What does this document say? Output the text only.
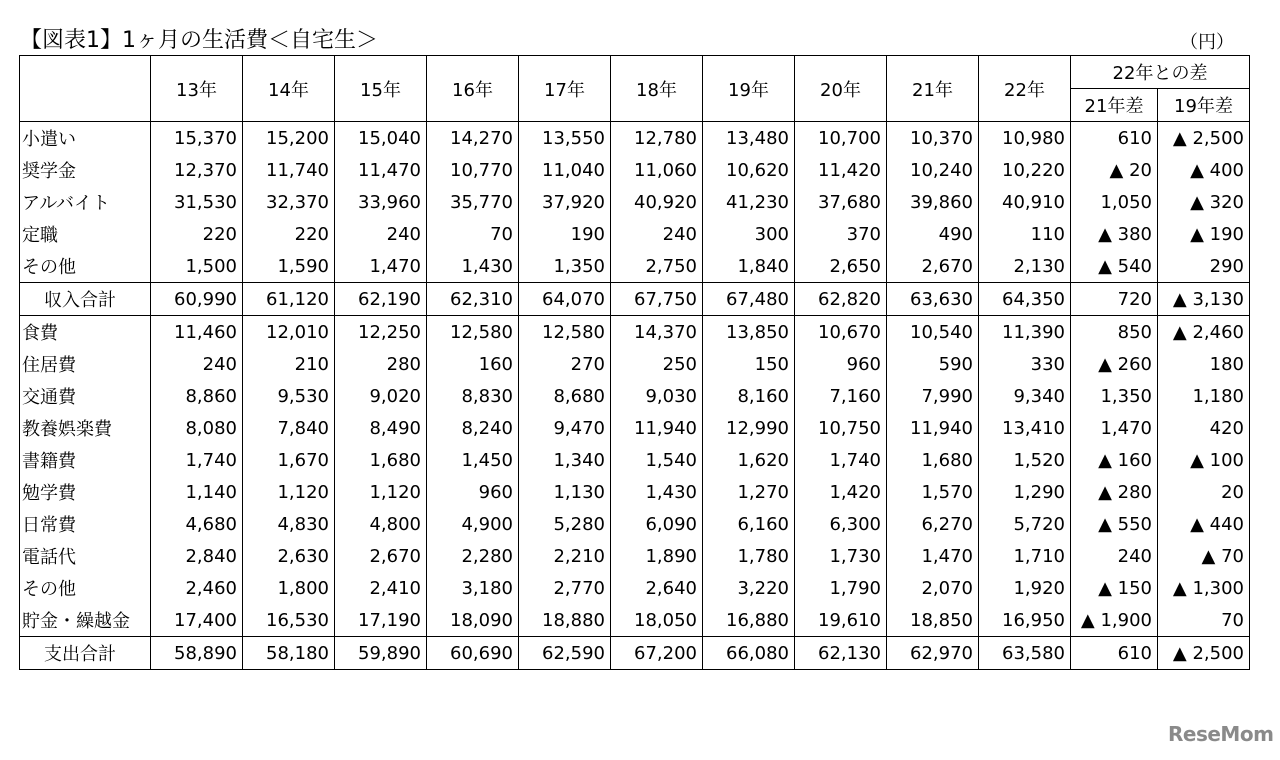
【図表1】1ヶ月の生活費＜自宅生＞	（円）
	13年	14年	15年	16年	17年	18年	19年	20年	21年	22年	22年との差	
											21年差	19年差
小遣い	15,370	15,200	15,040	14,270	13,550	12,780	13,480	10,700	10,370	10,980	610	▲ 2,500
奨学金	12,370	11,740	11,470	10,770	11,040	11,060	10,620	11,420	10,240	10,220	▲ 20	▲ 400
アルバイト	31,530	32,370	33,960	35,770	37,920	40,920	41,230	37,680	39,860	40,910	1,050	▲ 320
定職	220	220	240	70	190	240	300	370	490	110	▲ 380	▲ 190
その他	1,500	1,590	1,470	1,430	1,350	2,750	1,840	2,650	2,670	2,130	▲ 540	290
収入合計	60,990	61,120	62,190	62,310	64,070	67,750	67,480	62,820	63,630	64,350	720	▲ 3,130
食費	11,460	12,010	12,250	12,580	12,580	14,370	13,850	10,670	10,540	11,390	850	▲ 2,460
住居費	240	210	280	160	270	250	150	960	590	330	▲ 260	180
交通費	8,860	9,530	9,020	8,830	8,680	9,030	8,160	7,160	7,990	9,340	1,350	1,180
教養娯楽費	8,080	7,840	8,490	8,240	9,470	11,940	12,990	10,750	11,940	13,410	1,470	420
書籍費	1,740	1,670	1,680	1,450	1,340	1,540	1,620	1,740	1,680	1,520	▲ 160	▲ 100
勉学費	1,140	1,120	1,120	960	1,130	1,430	1,270	1,420	1,570	1,290	▲ 280	20
日常費	4,680	4,830	4,800	4,900	5,280	6,090	6,160	6,300	6,270	5,720	▲ 550	▲ 440
電話代	2,840	2,630	2,670	2,280	2,210	1,890	1,780	1,730	1,470	1,710	240	▲ 70
その他	2,460	1,800	2,410	3,180	2,770	2,640	3,220	1,790	2,070	1,920	▲ 150	▲ 1,300
貯金・繰越金	17,400	16,530	17,190	18,090	18,880	18,050	16,880	19,610	18,850	16,950	▲ 1,900	70
支出合計	58,890	58,180	59,890	60,690	62,590	67,200	66,080	62,130	62,970	63,580	610	▲ 2,500
ReseMom
